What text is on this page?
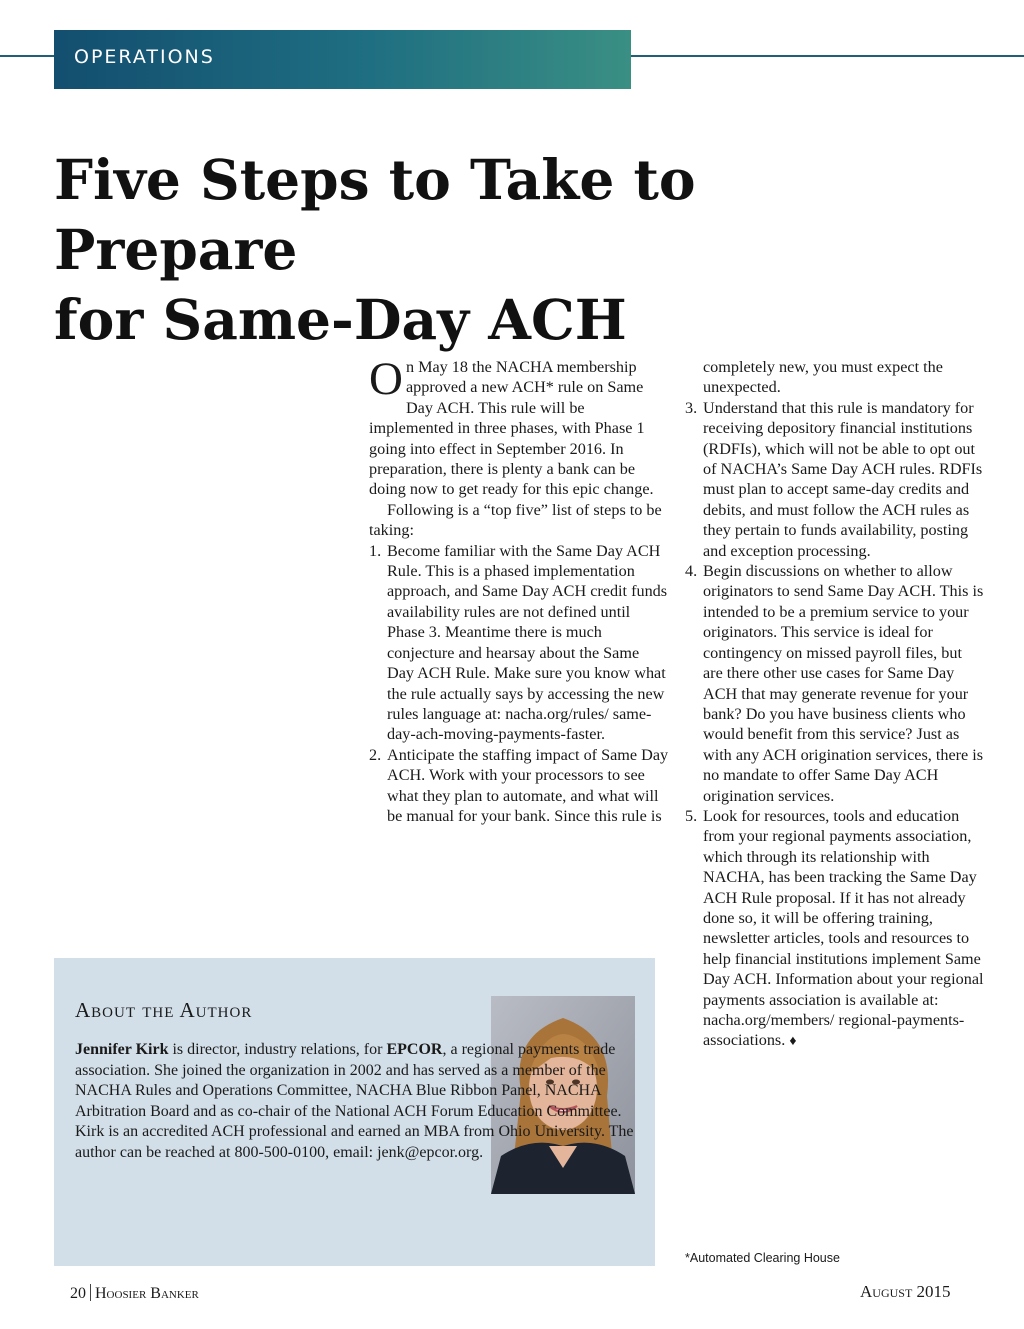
OPERATIONS
Five Steps to Take to Prepare
for Same-Day ACH

On May 18 the NACHA membership approved a new ACH* rule on Same Day ACH. This rule will be implemented in three phases, with Phase 1 going into effect in September 2016. In preparation, there is plenty a bank can be doing now to get ready for this epic change.

Following is a “top five” list of steps to be taking:

1. Become familiar with the Same Day ACH Rule. This is a phased implementation approach, and Same Day ACH credit funds availability rules are not defined until Phase 3. Meantime there is much conjecture and hearsay about the Same Day ACH Rule. Make sure you know what the rule actually says by accessing the new rules language at: nacha.org/rules/ same-day-ach-moving-payments-faster.
2. Anticipate the staffing impact of Same Day ACH. Work with your processors to see what they plan to automate, and what will be manual for your bank. Since this rule is

completely new, you must expect the unexpected.

3. Understand that this rule is mandatory for receiving depository financial institutions (RDFIs), which will not be able to opt out of NACHA’s Same Day ACH rules. RDFIs must plan to accept same-day credits and debits, and must follow the ACH rules as they pertain to funds availability, posting and exception processing.
4. Begin discussions on whether to allow originators to send Same Day ACH. This is intended to be a premium service to your originators. This service is ideal for contingency on missed payroll files, but are there other use cases for Same Day ACH that may generate revenue for your bank? Do you have business clients who would benefit from this service? Just as with any ACH origination services, there is no mandate to offer Same Day ACH origination services.
5. Look for resources, tools and education from your regional payments association, which through its relationship with NACHA, has been tracking the Same Day ACH Rule proposal. If it has not already done so, it will be offering training, newsletter articles, tools and resources to help financial institutions implement Same Day ACH. Information about your regional payments association is available at: nacha.org/members/ regional-payments-associations. ♦
About the Author

Jennifer Kirk is director, industry relations, for EPCOR, a regional payments trade association. She joined the organization in 2002 and has served as a member of the NACHA Rules and Operations Committee, NACHA Blue Ribbon Panel, NACHA Arbitration Board and as co-chair of the National ACH Forum Education Committee. Kirk is an accredited ACH professional and earned an MBA from Ohio University. The author can be reached at 800-500-0100, email: jenk@epcor.org.

*Automated Clearing House
20 Hoosier Banker	August 2015
